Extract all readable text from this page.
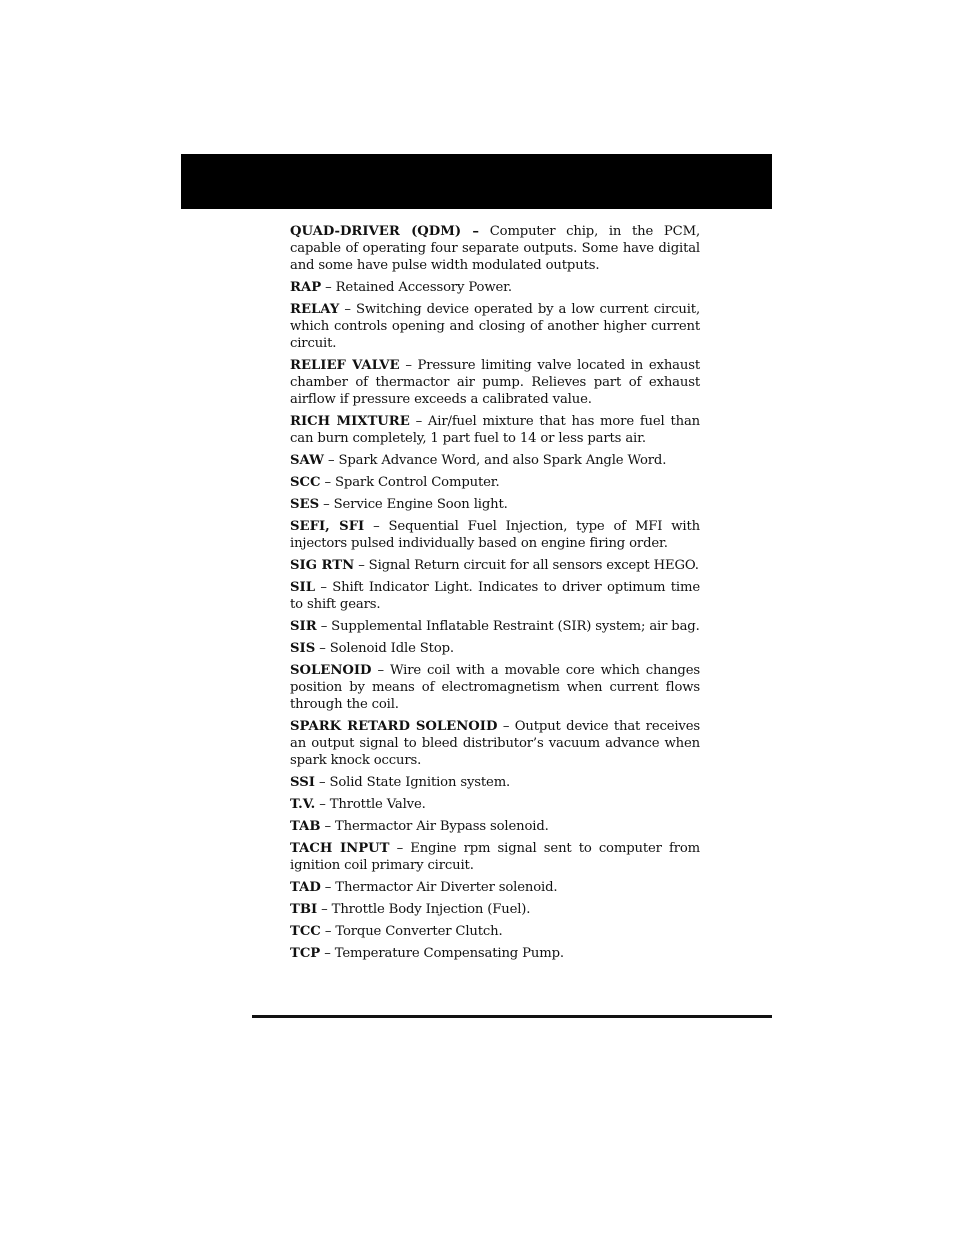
QUAD-DRIVER (QDM) – Computer chip, in the PCM, capable of operating four separate outputs. Some have digital and some have pulse width modulated outputs.

RAP – Retained Accessory Power.

RELAY – Switching device operated by a low current circuit, which controls opening and closing of another higher current circuit.

RELIEF VALVE – Pressure limiting valve located in exhaust chamber of thermactor air pump. Relieves part of exhaust airflow if pressure exceeds a calibrated value.

RICH MIXTURE – Air/fuel mixture that has more fuel than can burn completely, 1 part fuel to 14 or less parts air.

SAW – Spark Advance Word, and also Spark Angle Word.

SCC – Spark Control Computer.

SES – Service Engine Soon light.

SEFI, SFI – Sequential Fuel Injection, type of MFI with injectors pulsed individually based on engine firing order.

SIG RTN – Signal Return circuit for all sensors except HEGO.

SIL – Shift Indicator Light. Indicates to driver optimum time to shift gears.

SIR – Supplemental Inflatable Restraint (SIR) system; air bag.

SIS – Solenoid Idle Stop.

SOLENOID – Wire coil with a movable core which changes position by means of electromagnetism when current flows through the coil.

SPARK RETARD SOLENOID – Output device that receives an output signal to bleed distributor’s vacuum advance when spark knock occurs.

SSI – Solid State Ignition system.

T.V. – Throttle Valve.

TAB – Thermactor Air Bypass solenoid.

TACH INPUT – Engine rpm signal sent to computer from ignition coil primary circuit.

TAD – Thermactor Air Diverter solenoid.

TBI – Throttle Body Injection (Fuel).

TCC – Torque Converter Clutch.

TCP – Temperature Compensating Pump.
